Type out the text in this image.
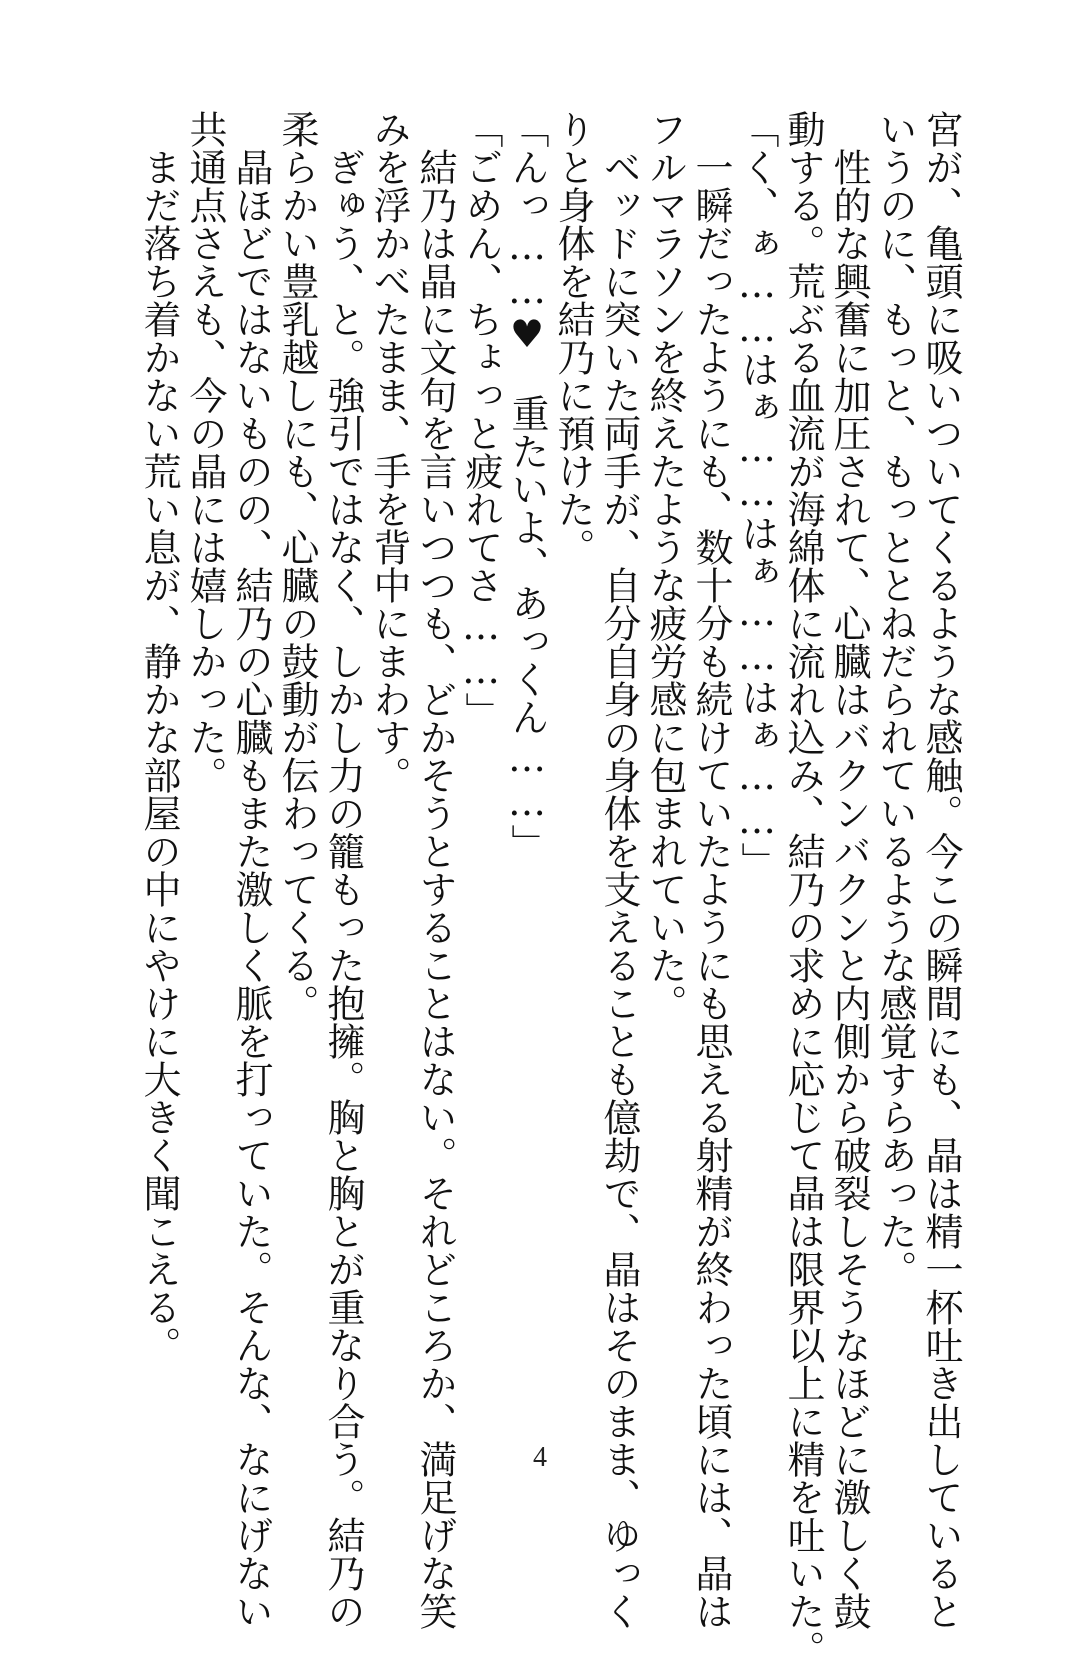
宮が、亀頭に吸いついてくるような感触。今この瞬間にも、晶は精一杯吐き出していると
いうのに、もっと、もっととねだられているような感覚すらあった。
　性的な興奮に加圧されて、心臓はバクンバクンと内側から破裂しそうなほどに激しく鼓
動する。荒ぶる血流が海綿体に流れ込み、結乃の求めに応じて晶は限界以上に精を吐いた。
「く、ぁ……はぁ……はぁ……はぁ……」
　一瞬だったようにも、数十分も続けていたようにも思える射精が終わった頃には、晶は
フルマラソンを終えたような疲労感に包まれていた。
　ベッドに突いた両手が、自分自身の身体を支えることも億劫で、晶はそのまま、ゆっく
りと身体を結乃に預けた。
「んっ……♥　重たいよ、あっくん……」
「ごめん、ちょっと疲れてさ……」
　結乃は晶に文句を言いつつも、どかそうとすることはない。それどころか、満足げな笑
みを浮かべたまま、手を背中にまわす。
　ぎゅう、と。強引ではなく、しかし力の籠もった抱擁。胸と胸とが重なり合う。結乃の
柔らかい豊乳越しにも、心臓の鼓動が伝わってくる。
　晶ほどではないものの、結乃の心臓もまた激しく脈を打っていた。そんな、なにげない
共通点さえも、今の晶には嬉しかった。
　まだ落ち着かない荒い息が、静かな部屋の中にやけに大きく聞こえる。
4
